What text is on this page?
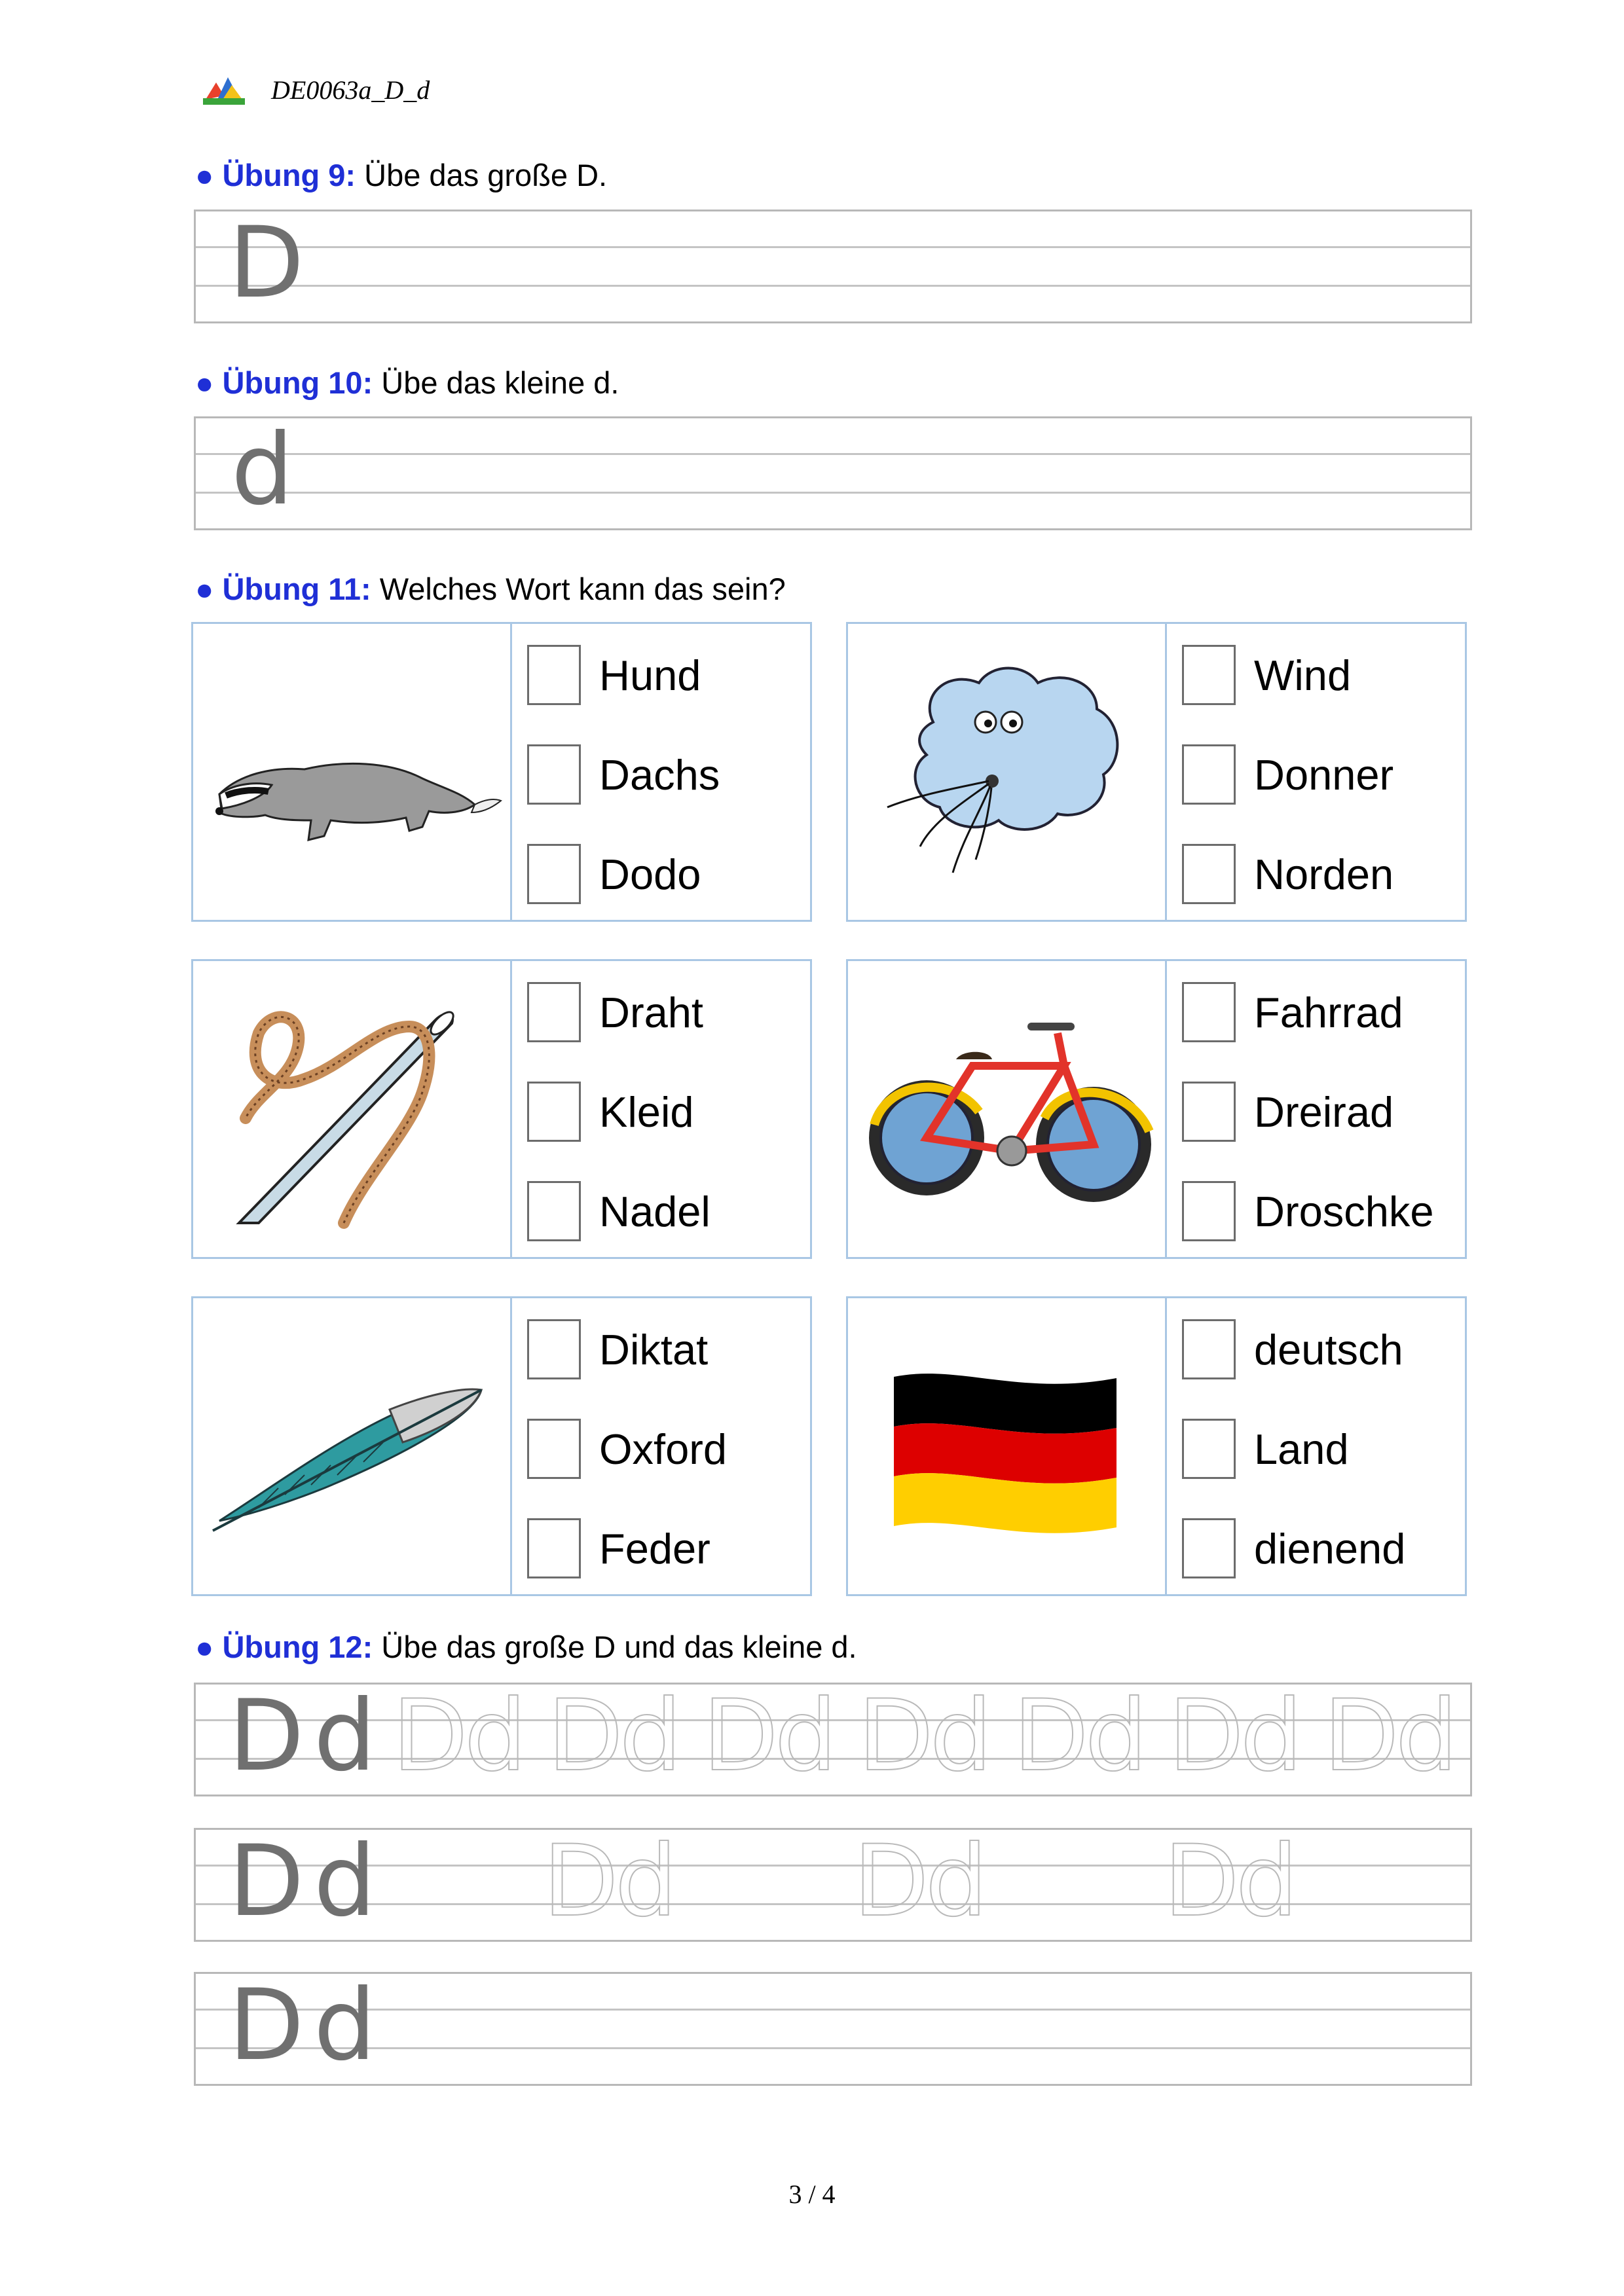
DE0063a_D_d
● Übung 9: Übe das große D.
D
● Übung 10: Übe das kleine d.
d
● Übung 11: Welches Wort kann das sein?
Hund
Dachs
Dodo
Wind
Donner
Norden
Draht
Kleid
Nadel
Fahrrad
Dreirad
Droschke
Diktat
Oxford
Feder
deutsch
Land
dienend
● Übung 12: Übe das große D und das kleine d.
D d D
d D
d D
d D
d D
d D
d D
d
D d D
d D
d D
d
D d
3 / 4
